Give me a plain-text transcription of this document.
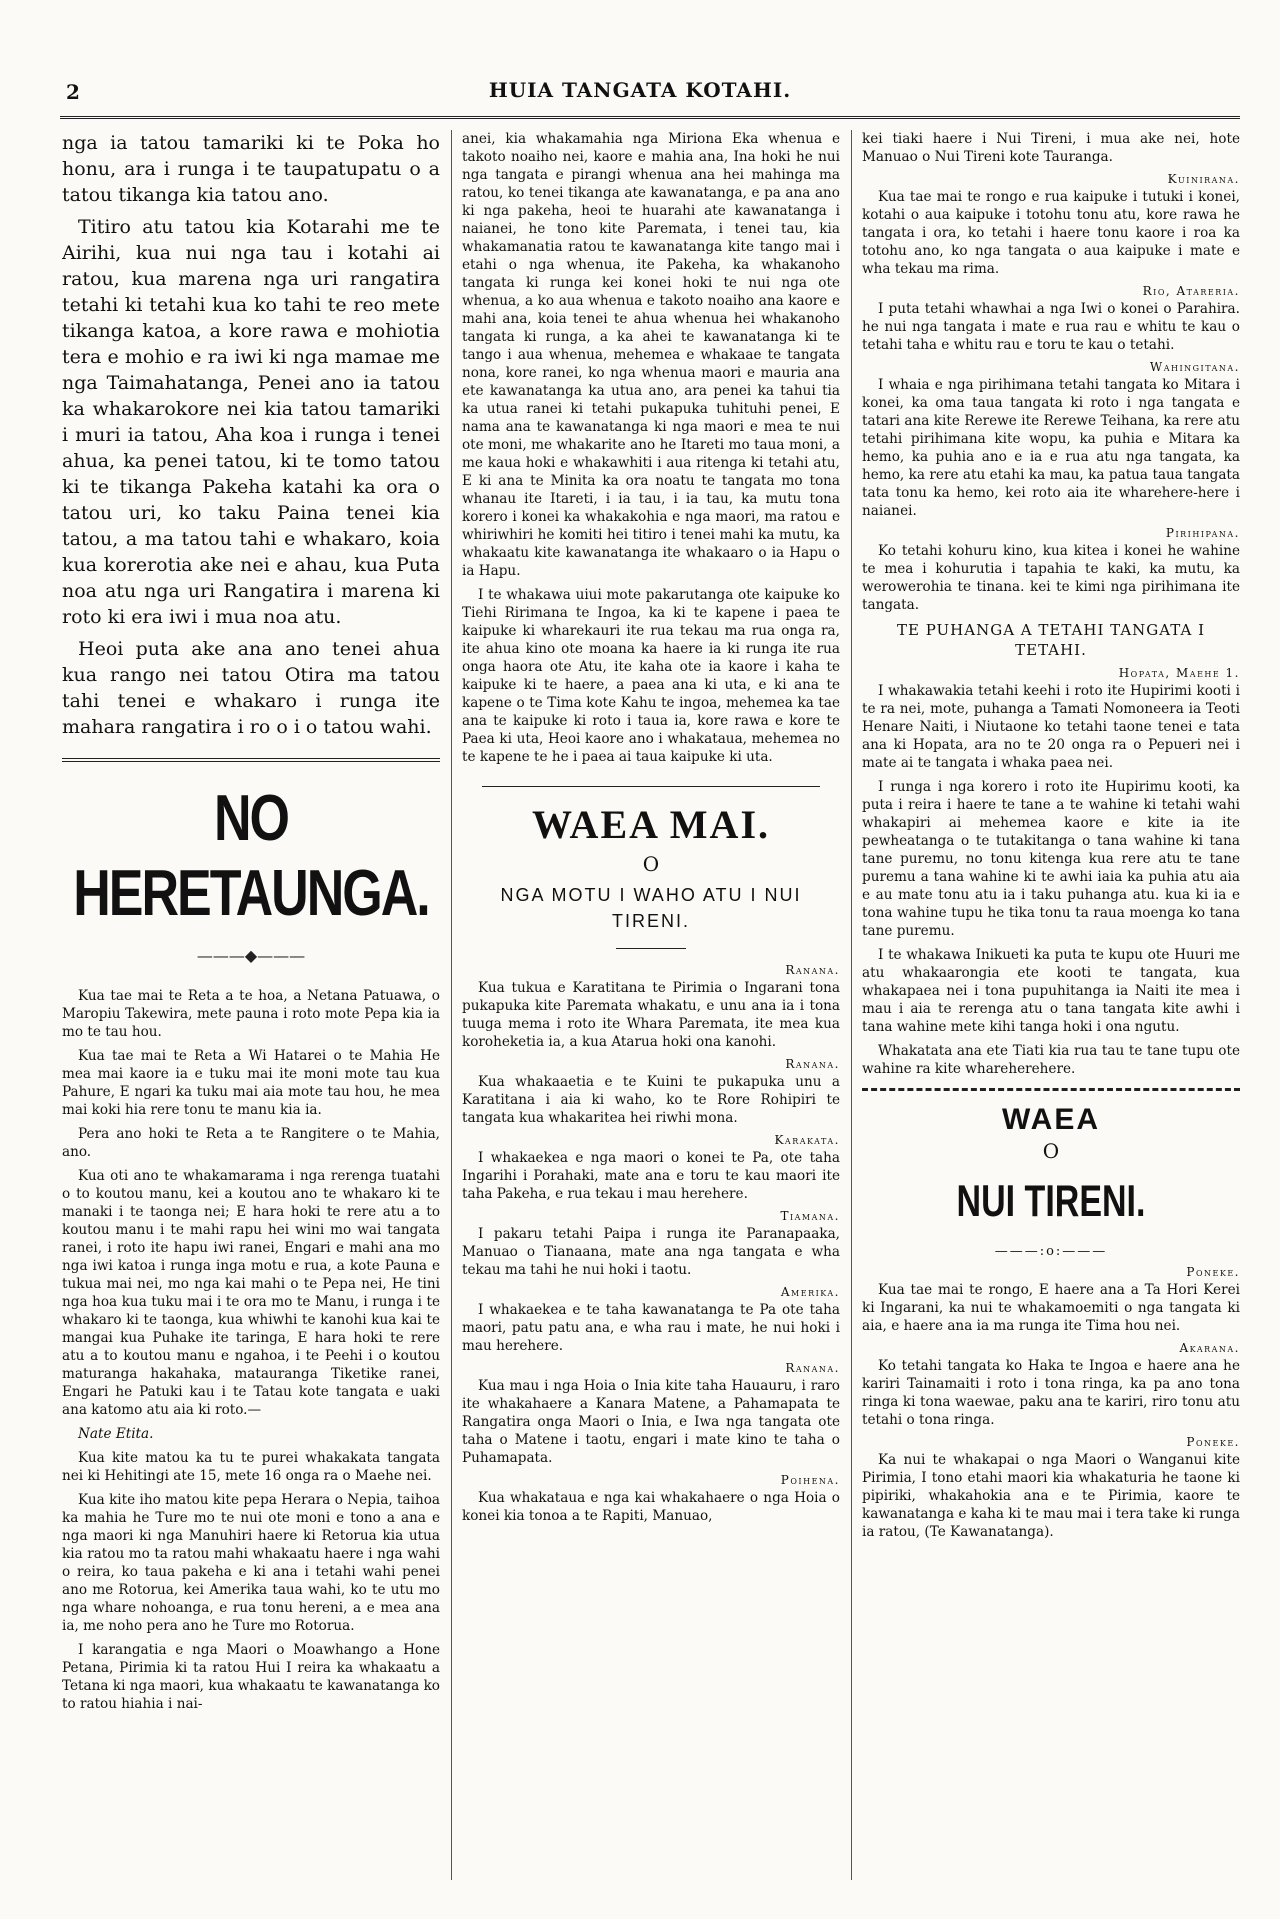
2	HUIA TANGATA KOTAHI.

nga ia tatou tamariki ki te Poka ho honu, ara i runga i te taupatupatu o a tatou tikanga kia tatou ano.

Titiro atu tatou kia Kotarahi me te Airihi, kua nui nga tau i kotahi ai ratou, kua marena nga uri rangatira tetahi ki tetahi kua ko tahi te reo mete tikanga katoa, a kore rawa e mohiotia tera e mohio e ra iwi ki nga mamae me nga Taimahatanga, Penei ano ia tatou ka whakarokore nei kia tatou tamariki i muri ia tatou, Aha koa i runga i tenei ahua, ka penei tatou, ki te tomo tatou ki te tikanga Pakeha katahi ka ora o tatou uri, ko taku Paina tenei kia tatou, a ma tatou tahi e whakaro, koia kua korerotia ake nei e ahau, kua Puta noa atu nga uri Rangatira i marena ki roto ki era iwi i mua noa atu.

Heoi puta ake ana ano tenei ahua kua rango nei tatou Otira ma tatou tahi tenei e whakaro i runga ite mahara rangatira i ro o i o tatou wahi.

NO HERETAUNGA.
———◆———

Kua tae mai te Reta a te hoa, a Netana Patuawa, o Maropiu Takewira, mete pauna i roto mote Pepa kia ia mo te tau hou.

Kua tae mai te Reta a Wi Hatarei o te Mahia He mea mai kaore ia e tuku mai ite moni mote tau kua Pahure, E ngari ka tuku mai aia mote tau hou, he mea mai koki hia rere tonu te manu kia ia.

Pera ano hoki te Reta a te Rangitere o te Mahia, ano.

Kua oti ano te whakamarama i nga rerenga tuatahi o to koutou manu, kei a koutou ano te whakaro ki te manaki i te taonga nei; E hara hoki te rere atu a to koutou manu i te mahi rapu hei wini mo wai tangata ranei, i roto ite hapu iwi ranei, Engari e mahi ana mo nga iwi katoa i runga inga motu e rua, a kote Pauna e tukua mai nei, mo nga kai mahi o te Pepa nei, He tini nga hoa kua tuku mai i te ora mo te Manu, i runga i te whakaro ki te taonga, kua whiwhi te kanohi kua kai te mangai kua Puhake ite taringa, E hara hoki te rere atu a to koutou manu e ngahoa, i te Peehi i o koutou maturanga hakahaka, matauranga Tiketike ranei, Engari he Patuki kau i te Tatau kote tangata e uaki ana katomo atu aia ki roto.—

Nate Etita.

Kua kite matou ka tu te purei whakakata tangata nei ki Hehitingi ate 15, mete 16 onga ra o Maehe nei.

Kua kite iho matou kite pepa Herara o Nepia, taihoa ka mahia he Ture mo te nui ote moni e tono a ana e nga maori ki nga Manuhiri haere ki Retorua kia utua kia ratou mo ta ratou mahi whakaatu haere i nga wahi o reira, ko taua pakeha e ki ana i tetahi wahi penei ano me Rotorua, kei Amerika taua wahi, ko te utu mo nga whare nohoanga, e rua tonu hereni, a e mea ana ia, me noho pera ano he Ture mo Rotorua.

I karangatia e nga Maori o Moawhango a Hone Petana, Pirimia ki ta ratou Hui I reira ka whakaatu a Tetana ki nga maori, kua whakaatu te kawanatanga ko to ratou hiahia i nai-

anei, kia whakamahia nga Miriona Eka whenua e takoto noaiho nei, kaore e mahia ana, Ina hoki he nui nga tangata e pirangi whenua ana hei mahinga ma ratou, ko tenei tikanga ate kawanatanga, e pa ana ano ki nga pakeha, heoi te huarahi ate kawanatanga i naianei, he tono kite Paremata, i tenei tau, kia whakamanatia ratou te kawanatanga kite tango mai i etahi o nga whenua, ite Pakeha, ka whakanoho tangata ki runga kei konei hoki te nui nga ote whenua, a ko aua whenua e takoto noaiho ana kaore e mahi ana, koia tenei te ahua whenua hei whakanoho tangata ki runga, a ka ahei te kawanatanga ki te tango i aua whenua, mehemea e whakaae te tangata nona, kore ranei, ko nga whenua maori e mauria ana ete kawanatanga ka utua ano, ara penei ka tahui tia ka utua ranei ki tetahi pukapuka tuhituhi penei, E nama ana te kawanatanga ki nga maori e mea te nui ote moni, me whakarite ano he Itareti mo taua moni, a me kaua hoki e whakawhiti i aua ritenga ki tetahi atu, E ki ana te Minita ka ora noatu te tangata mo tona whanau ite Itareti, i ia tau, i ia tau, ka mutu tona korero i konei ka whakakohia e nga maori, ma ratou e whiriwhiri he komiti hei titiro i tenei mahi ka mutu, ka whakaatu kite kawanatanga ite whakaaro o ia Hapu o ia Hapu.

I te whakawa uiui mote pakarutanga ote kaipuke ko Tiehi Ririmana te Ingoa, ka ki te kapene i paea te kaipuke ki wharekauri ite rua tekau ma rua onga ra, ite ahua kino ote moana ka haere ia ki runga ite rua onga haora ote Atu, ite kaha ote ia kaore i kaha te kaipuke ki te haere, a paea ana ki uta, e ki ana te kapene o te Tima kote Kahu te ingoa, mehemea ka tae ana te kaipuke ki roto i taua ia, kore rawa e kore te Paea ki uta, Heoi kaore ano i whakataua, mehemea no te kapene te he i paea ai taua kaipuke ki uta.

WAEA MAI.
O
NGA MOTU I WAHO ATU I NUI TIRENI.
Ranana.

Kua tukua e Karatitana te Pirimia o Ingarani tona pukapuka kite Paremata whakatu, e unu ana ia i tona tuuga mema i roto ite Whara Paremata, ite mea kua koroheketia ia, a kua Atarua hoki ona kanohi.

Ranana.

Kua whakaaetia e te Kuini te pukapuka unu a Karatitana i aia ki waho, ko te Rore Rohipiri te tangata kua whakaritea hei riwhi mona.

Karakata.

I whakaekea e nga maori o konei te Pa, ote taha Ingarihi i Porahaki, mate ana e toru te kau maori ite taha Pakeha, e rua tekau i mau herehere.

Tiamana.

I pakaru tetahi Paipa i runga ite Paranapaaka, Manuao o Tianaana, mate ana nga tangata e wha tekau ma tahi he nui hoki i taotu.

Amerika.

I whakaekea e te taha kawanatanga te Pa ote taha maori, patu patu ana, e wha rau i mate, he nui hoki i mau herehere.

Ranana.

Kua mau i nga Hoia o Inia kite taha Hauauru, i raro ite whakahaere a Kanara Matene, a Pahamapata te Rangatira onga Maori o Inia, e Iwa nga tangata ote taha o Matene i taotu, engari i mate kino te taha o Puhamapata.

Poihena.

Kua whakataua e nga kai whakahaere o nga Hoia o konei kia tonoa a te Rapiti, Manuao,

kei tiaki haere i Nui Tireni, i mua ake nei, hote Manuao o Nui Tireni kote Tauranga.

Kuinirana.

Kua tae mai te rongo e rua kaipuke i tutuki i konei, kotahi o aua kaipuke i totohu tonu atu, kore rawa he tangata i ora, ko tetahi i haere tonu kaore i roa ka totohu ano, ko nga tangata o aua kaipuke i mate e wha tekau ma rima.

Rio, Atareria.

I puta tetahi whawhai a nga Iwi o konei o Parahira. he nui nga tangata i mate e rua rau e whitu te kau o tetahi taha e whitu rau e toru te kau o tetahi.

Wahingitana.

I whaia e nga pirihimana tetahi tangata ko Mitara i konei, ka oma taua tangata ki roto i nga tangata e tatari ana kite Rerewe ite Rerewe Teihana, ka rere atu tetahi pirihimana kite wopu, ka puhia e Mitara ka hemo, ka puhia ano e ia e rua atu nga tangata, ka hemo, ka rere atu etahi ka mau, ka patua taua tangata tata tonu ka hemo, kei roto aia ite wharehere-here i naianei.

Pirihipana.

Ko tetahi kohuru kino, kua kitea i konei he wahine te mea i kohurutia i tapahia te kaki, ka mutu, ka werowerohia te tinana. kei te kimi nga pirihimana ite tangata.

TE PUHANGA A TETAHI TANGATA I TETAHI.
Hopata, Maehe 1.

I whakawakia tetahi keehi i roto ite Hupirimi kooti i te ra nei, mote, puhanga a Tamati Nomoneera ia Teoti Henare Naiti, i Niutaone ko tetahi taone tenei e tata ana ki Hopata, ara no te 20 onga ra o Pepueri nei i mate ai te tangata i whaka paea nei.

I runga i nga korero i roto ite Hupirimu kooti, ka puta i reira i haere te tane a te wahine ki tetahi wahi whakapiri ai mehemea kaore e kite ia ite pewheatanga o te tutakitanga o tana wahine ki tana tane puremu, no tonu kitenga kua rere atu te tane puremu a tana wahine ki te awhi iaia ka puhia atu aia e au mate tonu atu ia i taku puhanga atu. kua ki ia e tona wahine tupu he tika tonu ta raua moenga ko tana tane puremu.

I te whakawa Inikueti ka puta te kupu ote Huuri me atu whakaarongia ete kooti te tangata, kua whakapaea nei i tona pupuhitanga ia Naiti ite mea i mau i aia te rerenga atu o tana tangata kite awhi i tana wahine mete kihi tanga hoki i ona ngutu.

Whakatata ana ete Tiati kia rua tau te tane tupu ote wahine ra kite whareherehere.

WAEA
O
NUI TIRENI.
———:o:———
Poneke.

Kua tae mai te rongo, E haere ana a Ta Hori Kerei ki Ingarani, ka nui te whakamoemiti o nga tangata ki aia, e haere ana ia ma runga ite Tima hou nei.

Akarana.

Ko tetahi tangata ko Haka te Ingoa e haere ana he kariri Tainamaiti i roto i tona ringa, ka pa ano tona ringa ki tona waewae, paku ana te kariri, riro tonu atu tetahi o tona ringa.

Poneke.

Ka nui te whakapai o nga Maori o Wanganui kite Pirimia, I tono etahi maori kia whakaturia he taone ki pipiriki, whakahokia ana e te Pirimia, kaore te kawanatanga e kaha ki te mau mai i tera take ki runga ia ratou, (Te Kawanatanga).
